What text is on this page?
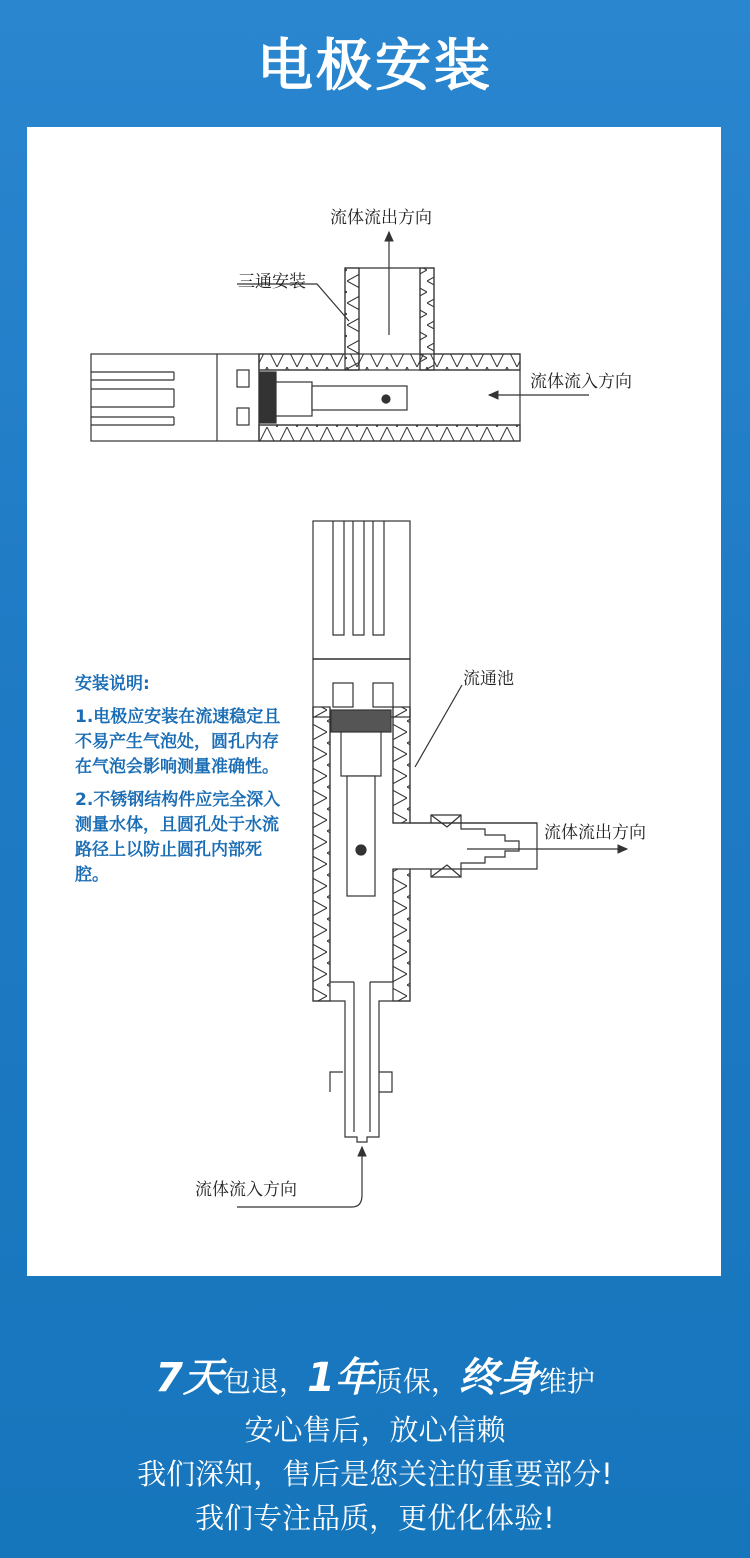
电极安装
流体流出方向
三通安装
流体流入方向
流通池
流体流出方向
流体流入方向
安装说明:

1.电极应安装在流速稳定且不易产生气泡处，圆孔内存在气泡会影响测量准确性。

2.不锈钢结构件应完全深入测量水体，且圆孔处于水流路径上以防止圆孔内部死腔。

7天包退，1年质保，终身维护
安心售后，放心信赖
我们深知，售后是您关注的重要部分!
我们专注品质，更优化体验!
